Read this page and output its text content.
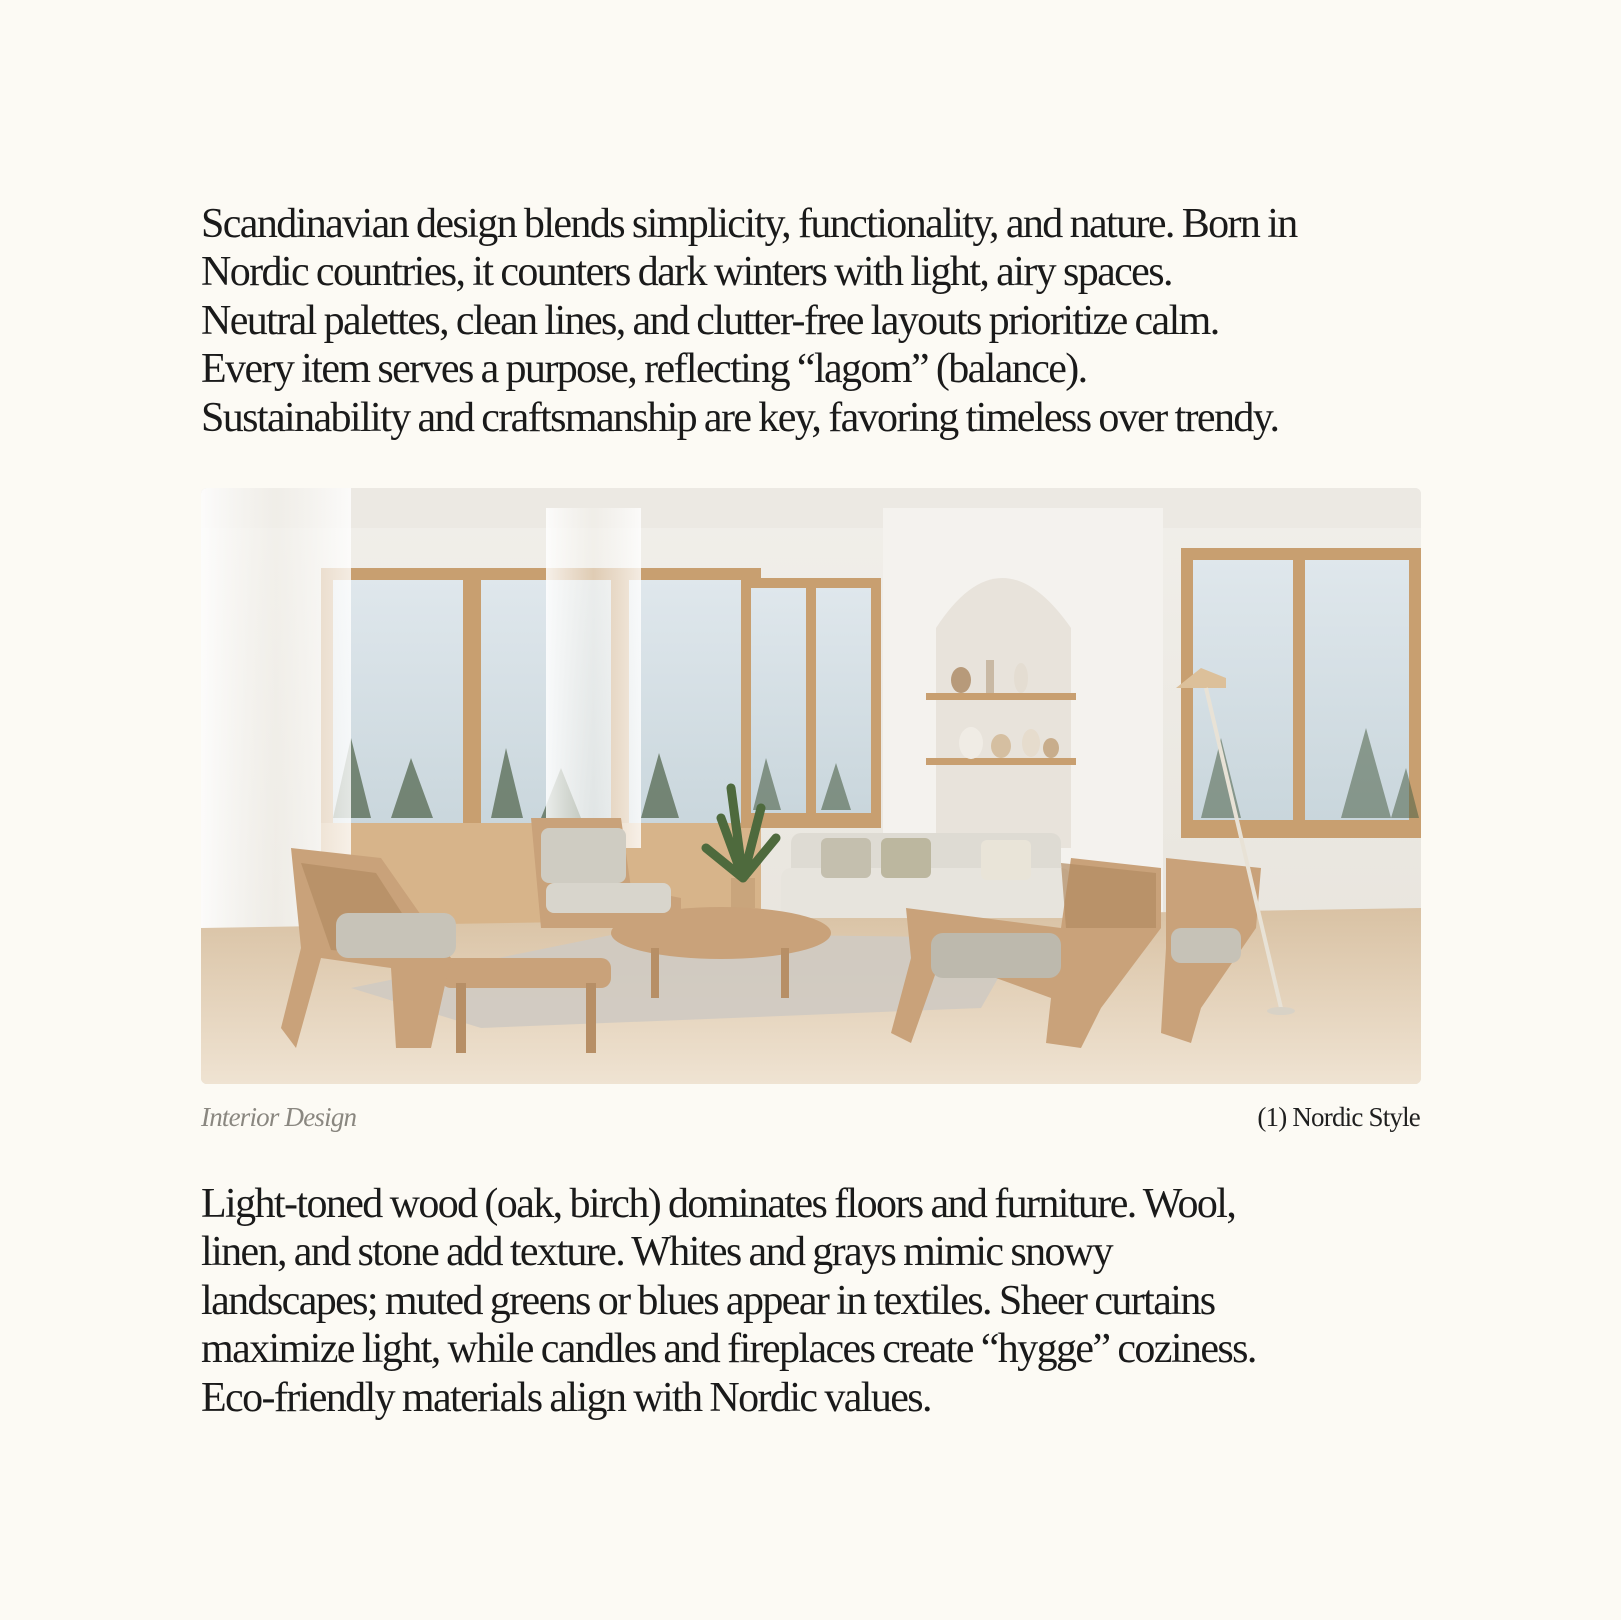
Scandinavian design blends simplicity, functionality, and nature. Born in
Nordic countries, it counters dark winters with light, airy spaces.
Neutral palettes, clean lines, and clutter-free layouts prioritize calm.
Every item serves a purpose, reflecting “lagom” (balance).
Sustainability and craftsmanship are key, favoring timeless over trendy.

Interior Design	(1) Nordic Style

Light-toned wood (oak, birch) dominates floors and furniture. Wool,
linen, and stone add texture. Whites and grays mimic snowy
landscapes; muted greens or blues appear in textiles. Sheer curtains
maximize light, while candles and fireplaces create “hygge” coziness.
Eco-friendly materials align with Nordic values.
